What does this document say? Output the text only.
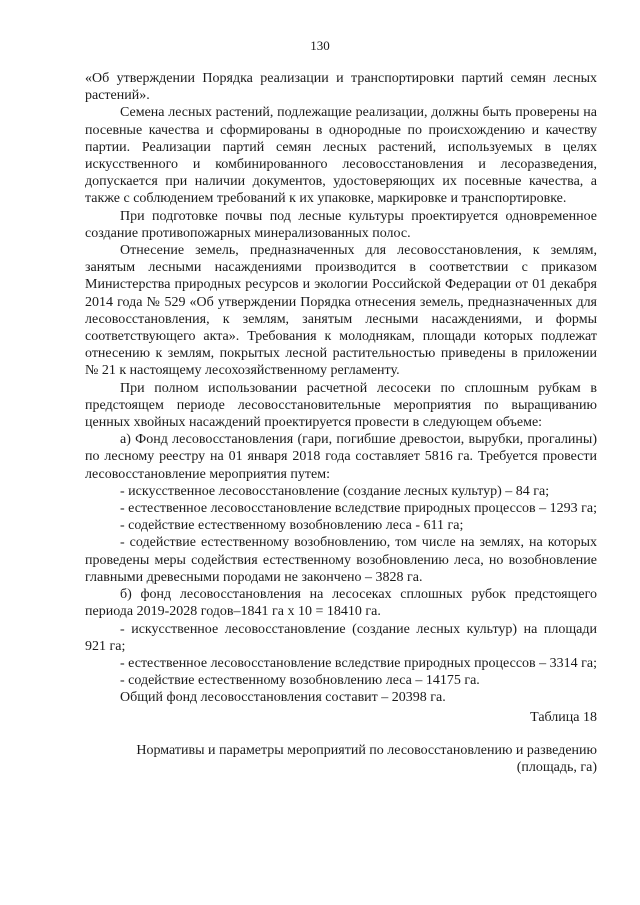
130

«Об утверждении Порядка реализации и транспортировки партий семян лесных растений».

Семена лесных растений, подлежащие реализации, должны быть проверены на посевные качества и сформированы в однородные по происхождению и качеству партии. Реализации партий семян лесных растений, используемых в целях искусственного и комбинированного лесовосстановления и лесоразведения, допускается при наличии документов, удостоверяющих их посевные качества, а также с соблюдением требований к их упаковке, маркировке и транспортировке.

При подготовке почвы под лесные культуры проектируется одновременное создание противопожарных минерализованных полос.

Отнесение земель, предназначенных для лесовосстановления, к землям, занятым лесными насаждениями производится в соответствии с приказом Министерства природных ресурсов и экологии Российской Федерации от 01 декабря 2014 года № 529 «Об утверждении Порядка отнесения земель, предназначенных для лесовосстановления, к землям, занятым лесными насаждениями, и формы соответствующего акта». Требования к молоднякам, площади которых подлежат отнесению к землям, покрытых лесной растительностью приведены в приложении № 21 к настоящему лесохозяйственному регламенту.

При полном использовании расчетной лесосеки по сплошным рубкам в предстоящем периоде лесовосстановительные мероприятия по выращиванию ценных хвойных насаждений проектируется провести в следующем объеме:

а) Фонд лесовосстановления (гари, погибшие древостои, вырубки, прогалины) по лесному реестру на 01 января 2018 года составляет 5816 га. Требуется провести лесовосстановление мероприятия путем:

- искусственное лесовосстановление (создание лесных культур) – 84 га;

- естественное лесовосстановление вследствие природных процессов – 1293 га;

- содействие естественному возобновлению леса - 611 га;

- содействие естественному возобновлению, том числе на землях, на которых проведены меры содействия естественному возобновлению леса, но возобновление главными древесными породами не закончено – 3828 га.

б) фонд лесовосстановления на лесосеках сплошных рубок предстоящего периода 2019-2028 годов–1841 га х 10 = 18410 га.

- искусственное лесовосстановление (создание лесных культур) на площади 921 га;

- естественное лесовосстановление вследствие природных процессов – 3314 га;

- содействие естественному возобновлению леса – 14175 га.

Общий фонд лесовосстановления составит – 20398 га.

Таблица 18

Нормативы и параметры мероприятий по лесовосстановлению и разведению (площадь, га)
